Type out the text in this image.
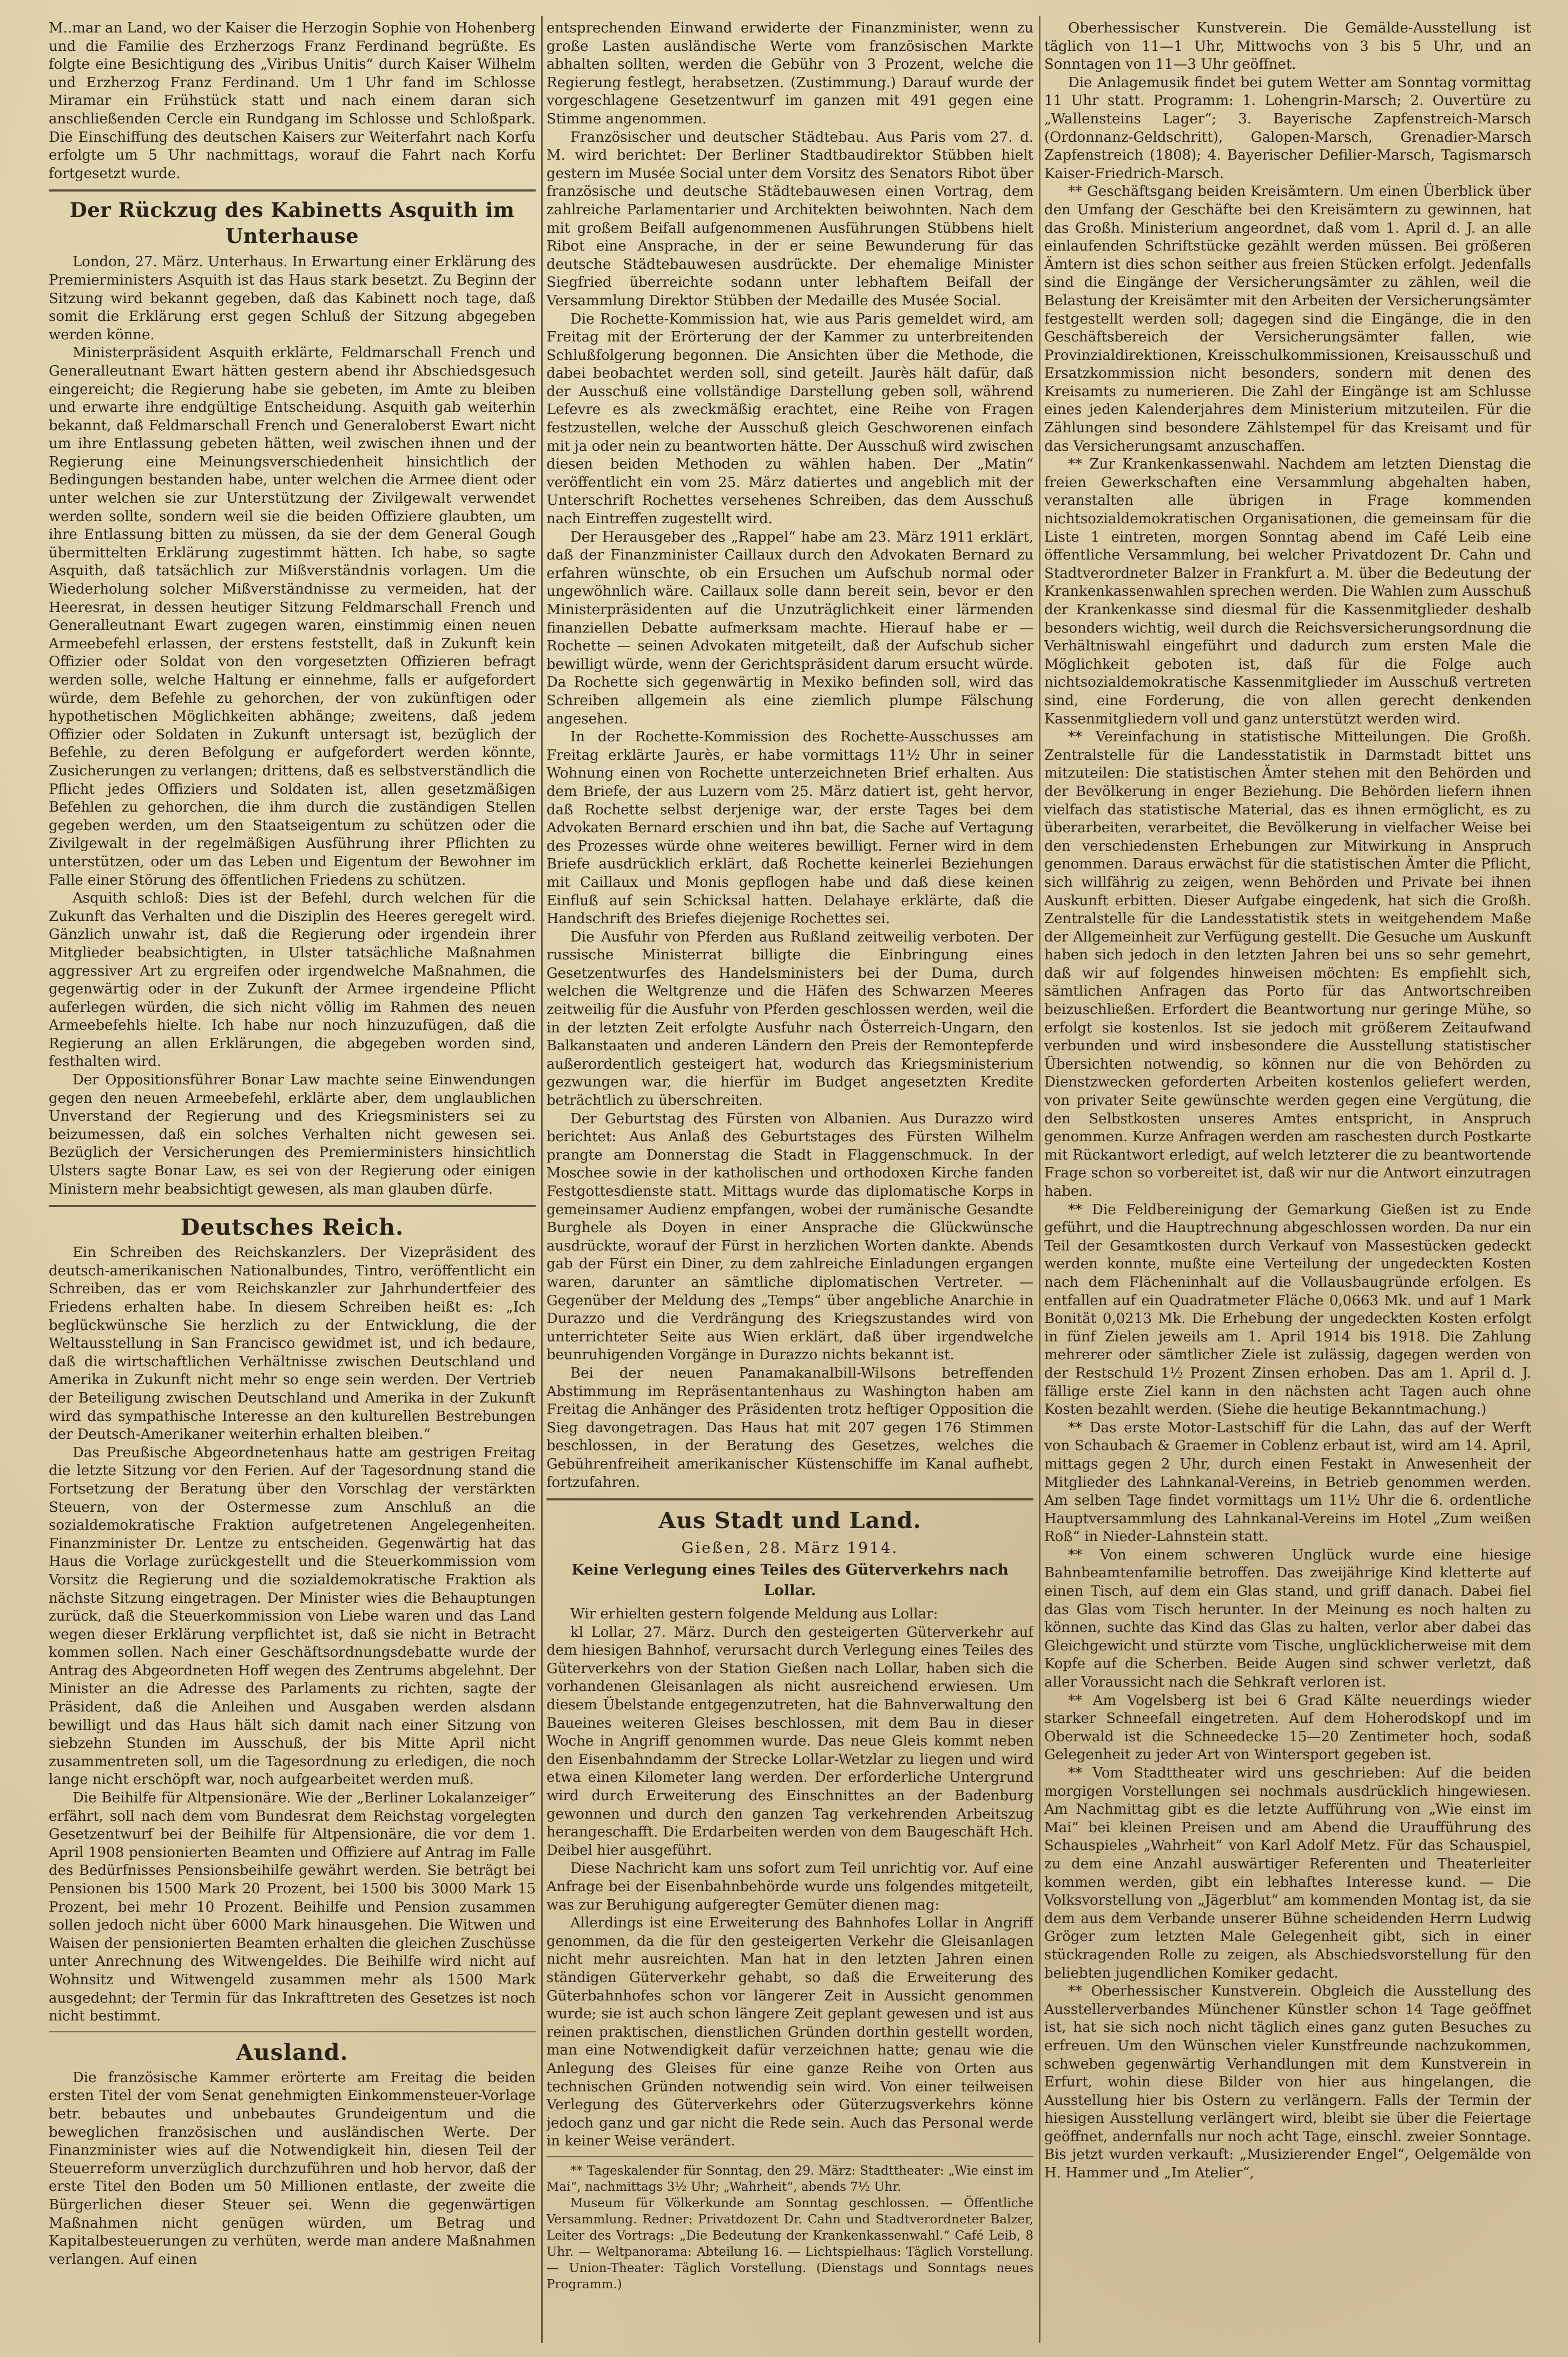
M..mar an Land, wo der Kaiser die Herzogin Sophie von Hohenberg und die Familie des Erzherzogs Franz Ferdinand begrüßte. Es folgte eine Besichtigung des „Viribus Unitis“ durch Kaiser Wilhelm und Erzherzog Franz Ferdinand. Um 1 Uhr fand im Schlosse Miramar ein Frühstück statt und nach einem daran sich anschließenden Cercle ein Rundgang im Schlosse und Schloßpark. Die Einschiffung des deutschen Kaisers zur Weiterfahrt nach Korfu erfolgte um 5 Uhr nachmittags, worauf die Fahrt nach Korfu fortgesetzt wurde.

Der Rückzug des Kabinetts Asquith im Unterhause

London, 27. März. Unterhaus. In Erwartung einer Erklärung des Premierministers Asquith ist das Haus stark besetzt. Zu Beginn der Sitzung wird bekannt gegeben, daß das Kabinett noch tage, daß somit die Erklärung erst gegen Schluß der Sitzung abgegeben werden könne.

Ministerpräsident Asquith erklärte, Feldmarschall French und Generalleutnant Ewart hätten gestern abend ihr Abschiedsgesuch eingereicht; die Regierung habe sie gebeten, im Amte zu bleiben und erwarte ihre endgültige Entscheidung. Asquith gab weiterhin bekannt, daß Feldmarschall French und Generaloberst Ewart nicht um ihre Entlassung gebeten hätten, weil zwischen ihnen und der Regierung eine Meinungsverschiedenheit hinsichtlich der Bedingungen bestanden habe, unter welchen die Armee dient oder unter welchen sie zur Unterstützung der Zivilgewalt verwendet werden sollte, sondern weil sie die beiden Offiziere glaubten, um ihre Entlassung bitten zu müssen, da sie der dem General Gough übermittelten Erklärung zugestimmt hätten. Ich habe, so sagte Asquith, daß tatsächlich zur Mißverständnis vorlagen. Um die Wiederholung solcher Mißverständnisse zu vermeiden, hat der Heeresrat, in dessen heutiger Sitzung Feldmarschall French und Generalleutnant Ewart zugegen waren, einstimmig einen neuen Armeebefehl erlassen, der erstens feststellt, daß in Zukunft kein Offizier oder Soldat von den vorgesetzten Offizieren befragt werden solle, welche Haltung er einnehme, falls er aufgefordert würde, dem Befehle zu gehorchen, der von zukünftigen oder hypothetischen Möglichkeiten abhänge; zweitens, daß jedem Offizier oder Soldaten in Zukunft untersagt ist, bezüglich der Befehle, zu deren Befolgung er aufgefordert werden könnte, Zusicherungen zu verlangen; drittens, daß es selbstverständlich die Pflicht jedes Offiziers und Soldaten ist, allen gesetzmäßigen Befehlen zu gehorchen, die ihm durch die zuständigen Stellen gegeben werden, um den Staatseigentum zu schützen oder die Zivilgewalt in der regelmäßigen Ausführung ihrer Pflichten zu unterstützen, oder um das Leben und Eigentum der Bewohner im Falle einer Störung des öffentlichen Friedens zu schützen.

Asquith schloß: Dies ist der Befehl, durch welchen für die Zukunft das Verhalten und die Disziplin des Heeres geregelt wird. Gänzlich unwahr ist, daß die Regierung oder irgendein ihrer Mitglieder beabsichtigten, in Ulster tatsächliche Maßnahmen aggressiver Art zu ergreifen oder irgendwelche Maßnahmen, die gegenwärtig oder in der Zukunft der Armee irgendeine Pflicht auferlegen würden, die sich nicht völlig im Rahmen des neuen Armeebefehls hielte. Ich habe nur noch hinzuzufügen, daß die Regierung an allen Erklärungen, die abgegeben worden sind, festhalten wird.

Der Oppositionsführer Bonar Law machte seine Einwendungen gegen den neuen Armeebefehl, erklärte aber, dem unglaublichen Unverstand der Regierung und des Kriegsministers sei zu beizumessen, daß ein solches Verhalten nicht gewesen sei. Bezüglich der Versicherungen des Premierministers hinsichtlich Ulsters sagte Bonar Law, es sei von der Regierung oder einigen Ministern mehr beabsichtigt gewesen, als man glauben dürfe.

Deutsches Reich.

Ein Schreiben des Reichskanzlers. Der Vizepräsident des deutsch-amerikanischen Nationalbundes, Tintro, veröffentlicht ein Schreiben, das er vom Reichskanzler zur Jahrhundertfeier des Friedens erhalten habe. In diesem Schreiben heißt es: „Ich beglückwünsche Sie herzlich zu der Entwicklung, die der Weltausstellung in San Francisco gewidmet ist, und ich bedaure, daß die wirtschaftlichen Verhältnisse zwischen Deutschland und Amerika in Zukunft nicht mehr so enge sein werden. Der Vertrieb der Beteiligung zwischen Deutschland und Amerika in der Zukunft wird das sympathische Interesse an den kulturellen Bestrebungen der Deutsch-Amerikaner weiterhin erhalten bleiben.“

Das Preußische Abgeordnetenhaus hatte am gestrigen Freitag die letzte Sitzung vor den Ferien. Auf der Tagesordnung stand die Fortsetzung der Beratung über den Vorschlag der verstärkten Steuern, von der Ostermesse zum Anschluß an die sozialdemokratische Fraktion aufgetretenen Angelegenheiten. Finanzminister Dr. Lentze zu entscheiden. Gegenwärtig hat das Haus die Vorlage zurückgestellt und die Steuerkommission vom Vorsitz die Regierung und die sozialdemokratische Fraktion als nächste Sitzung eingetragen. Der Minister wies die Behauptungen zurück, daß die Steuerkommission von Liebe waren und das Land wegen dieser Erklärung verpflichtet ist, daß sie nicht in Betracht kommen sollen. Nach einer Geschäftsordnungsdebatte wurde der Antrag des Abgeordneten Hoff wegen des Zentrums abgelehnt. Der Minister an die Adresse des Parlaments zu richten, sagte der Präsident, daß die Anleihen und Ausgaben werden alsdann bewilligt und das Haus hält sich damit nach einer Sitzung von siebzehn Stunden im Ausschuß, der bis Mitte April nicht zusammentreten soll, um die Tagesordnung zu erledigen, die noch lange nicht erschöpft war, noch aufgearbeitet werden muß.

Die Beihilfe für Altpensionäre. Wie der „Berliner Lokalanzeiger“ erfährt, soll nach dem vom Bundesrat dem Reichstag vorgelegten Gesetzentwurf bei der Beihilfe für Altpensionäre, die vor dem 1. April 1908 pensionierten Beamten und Offiziere auf Antrag im Falle des Bedürfnisses Pensionsbeihilfe gewährt werden. Sie beträgt bei Pensionen bis 1500 Mark 20 Prozent, bei 1500 bis 3000 Mark 15 Prozent, bei mehr 10 Prozent. Beihilfe und Pension zusammen sollen jedoch nicht über 6000 Mark hinausgehen. Die Witwen und Waisen der pensionierten Beamten erhalten die gleichen Zuschüsse unter Anrechnung des Witwengeldes. Die Beihilfe wird nicht auf Wohnsitz und Witwengeld zusammen mehr als 1500 Mark ausgedehnt; der Termin für das Inkrafttreten des Gesetzes ist noch nicht bestimmt.

Ausland.

Die französische Kammer erörterte am Freitag die beiden ersten Titel der vom Senat genehmigten Einkommensteuer-Vorlage betr. bebautes und unbebautes Grundeigentum und die beweglichen französischen und ausländischen Werte. Der Finanzminister wies auf die Notwendigkeit hin, diesen Teil der Steuerreform unverzüglich durchzuführen und hob hervor, daß der erste Titel den Boden um 50 Millionen entlaste, der zweite die Bürgerlichen dieser Steuer sei. Wenn die gegenwärtigen Maßnahmen nicht genügen würden, um Betrag und Kapitalbesteuerungen zu verhüten, werde man andere Maßnahmen verlangen. Auf einen

entsprechenden Einwand erwiderte der Finanzminister, wenn zu große Lasten ausländische Werte vom französischen Markte abhalten sollten, werden die Gebühr von 3 Prozent, welche die Regierung festlegt, herabsetzen. (Zustimmung.) Darauf wurde der vorgeschlagene Gesetzentwurf im ganzen mit 491 gegen eine Stimme angenommen.

Französischer und deutscher Städtebau. Aus Paris vom 27. d. M. wird berichtet: Der Berliner Stadtbaudirektor Stübben hielt gestern im Musée Social unter dem Vorsitz des Senators Ribot über französische und deutsche Städtebauwesen einen Vortrag, dem zahlreiche Parlamentarier und Architekten beiwohnten. Nach dem mit großem Beifall aufgenommenen Ausführungen Stübbens hielt Ribot eine Ansprache, in der er seine Bewunderung für das deutsche Städtebauwesen ausdrückte. Der ehemalige Minister Siegfried überreichte sodann unter lebhaftem Beifall der Versammlung Direktor Stübben der Medaille des Musée Social.

Die Rochette-Kommission hat, wie aus Paris gemeldet wird, am Freitag mit der Erörterung der der Kammer zu unterbreitenden Schlußfolgerung begonnen. Die Ansichten über die Methode, die dabei beobachtet werden soll, sind geteilt. Jaurès hält dafür, daß der Ausschuß eine vollständige Darstellung geben soll, während Lefevre es als zweckmäßig erachtet, eine Reihe von Fragen festzustellen, welche der Ausschuß gleich Geschworenen einfach mit ja oder nein zu beantworten hätte. Der Ausschuß wird zwischen diesen beiden Methoden zu wählen haben. Der „Matin“ veröffentlicht ein vom 25. März datiertes und angeblich mit der Unterschrift Rochettes versehenes Schreiben, das dem Ausschuß nach Eintreffen zugestellt wird.

Der Herausgeber des „Rappel“ habe am 23. März 1911 erklärt, daß der Finanzminister Caillaux durch den Advokaten Bernard zu erfahren wünschte, ob ein Ersuchen um Aufschub normal oder ungewöhnlich wäre. Caillaux solle dann bereit sein, bevor er den Ministerpräsidenten auf die Unzuträglichkeit einer lärmenden finanziellen Debatte aufmerksam machte. Hierauf habe er — Rochette — seinen Advokaten mitgeteilt, daß der Aufschub sicher bewilligt würde, wenn der Gerichtspräsident darum ersucht würde. Da Rochette sich gegenwärtig in Mexiko befinden soll, wird das Schreiben allgemein als eine ziemlich plumpe Fälschung angesehen.

In der Rochette-Kommission des Rochette-Ausschusses am Freitag erklärte Jaurès, er habe vormittags 11½ Uhr in seiner Wohnung einen von Rochette unterzeichneten Brief erhalten. Aus dem Briefe, der aus Luzern vom 25. März datiert ist, geht hervor, daß Rochette selbst derjenige war, der erste Tages bei dem Advokaten Bernard erschien und ihn bat, die Sache auf Vertagung des Prozesses würde ohne weiteres bewilligt. Ferner wird in dem Briefe ausdrücklich erklärt, daß Rochette keinerlei Beziehungen mit Caillaux und Monis gepflogen habe und daß diese keinen Einfluß auf sein Schicksal hatten. Delahaye erklärte, daß die Handschrift des Briefes diejenige Rochettes sei.

Die Ausfuhr von Pferden aus Rußland zeitweilig verboten. Der russische Ministerrat billigte die Einbringung eines Gesetzentwurfes des Handelsministers bei der Duma, durch welchen die Weltgrenze und die Häfen des Schwarzen Meeres zeitweilig für die Ausfuhr von Pferden geschlossen werden, weil die in der letzten Zeit erfolgte Ausfuhr nach Österreich-Ungarn, den Balkanstaaten und anderen Ländern den Preis der Remontepferde außerordentlich gesteigert hat, wodurch das Kriegsministerium gezwungen war, die hierfür im Budget angesetzten Kredite beträchtlich zu überschreiten.

Der Geburtstag des Fürsten von Albanien. Aus Durazzo wird berichtet: Aus Anlaß des Geburtstages des Fürsten Wilhelm prangte am Donnerstag die Stadt in Flaggenschmuck. In der Moschee sowie in der katholischen und orthodoxen Kirche fanden Festgottesdienste statt. Mittags wurde das diplomatische Korps in gemeinsamer Audienz empfangen, wobei der rumänische Gesandte Burghele als Doyen in einer Ansprache die Glückwünsche ausdrückte, worauf der Fürst in herzlichen Worten dankte. Abends gab der Fürst ein Diner, zu dem zahlreiche Einladungen ergangen waren, darunter an sämtliche diplomatischen Vertreter. — Gegenüber der Meldung des „Temps“ über angebliche Anarchie in Durazzo und die Verdrängung des Kriegszustandes wird von unterrichteter Seite aus Wien erklärt, daß über irgendwelche beunruhigenden Vorgänge in Durazzo nichts bekannt ist.

Bei der neuen Panamakanalbill-Wilsons betreffenden Abstimmung im Repräsentantenhaus zu Washington haben am Freitag die Anhänger des Präsidenten trotz heftiger Opposition die Sieg davongetragen. Das Haus hat mit 207 gegen 176 Stimmen beschlossen, in der Beratung des Gesetzes, welches die Gebührenfreiheit amerikanischer Küstenschiffe im Kanal aufhebt, fortzufahren.

Aus Stadt und Land.
Gießen, 28. März 1914.
Keine Verlegung eines Teiles des Güterverkehrs nach Lollar.

Wir erhielten gestern folgende Meldung aus Lollar:

kl Lollar, 27. März. Durch den gesteigerten Güterverkehr auf dem hiesigen Bahnhof, verursacht durch Verlegung eines Teiles des Güterverkehrs von der Station Gießen nach Lollar, haben sich die vorhandenen Gleisanlagen als nicht ausreichend erwiesen. Um diesem Übelstande entgegenzutreten, hat die Bahnverwaltung den Baueines weiteren Gleises beschlossen, mit dem Bau in dieser Woche in Angriff genommen wurde. Das neue Gleis kommt neben den Eisenbahndamm der Strecke Lollar-Wetzlar zu liegen und wird etwa einen Kilometer lang werden. Der erforderliche Untergrund wird durch Erweiterung des Einschnittes an der Badenburg gewonnen und durch den ganzen Tag verkehrenden Arbeitszug herangeschafft. Die Erdarbeiten werden von dem Baugeschäft Hch. Deibel hier ausgeführt.

Diese Nachricht kam uns sofort zum Teil unrichtig vor. Auf eine Anfrage bei der Eisenbahnbehörde wurde uns folgendes mitgeteilt, was zur Beruhigung aufgeregter Gemüter dienen mag:

Allerdings ist eine Erweiterung des Bahnhofes Lollar in Angriff genommen, da die für den gesteigerten Verkehr die Gleisanlagen nicht mehr ausreichten. Man hat in den letzten Jahren einen ständigen Güterverkehr gehabt, so daß die Erweiterung des Güterbahnhofes schon vor längerer Zeit in Aussicht genommen wurde; sie ist auch schon längere Zeit geplant gewesen und ist aus reinen praktischen, dienstlichen Gründen dorthin gestellt worden, man eine Notwendigkeit dafür verzeichnen hatte; genau wie die Anlegung des Gleises für eine ganze Reihe von Orten aus technischen Gründen notwendig sein wird. Von einer teilweisen Verlegung des Güterverkehrs oder Güterzugsverkehrs könne jedoch ganz und gar nicht die Rede sein. Auch das Personal werde in keiner Weise verändert.

** Tageskalender für Sonntag, den 29. März: Stadttheater: „Wie einst im Mai“, nachmittags 3½ Uhr; „Wahrheit“, abends 7½ Uhr.

Museum für Völkerkunde am Sonntag geschlossen. — Öffentliche Versammlung. Redner: Privatdozent Dr. Cahn und Stadtverordneter Balzer, Leiter des Vortrags: „Die Bedeutung der Krankenkassenwahl.“ Café Leib, 8 Uhr. — Weltpanorama: Abteilung 16. — Lichtspielhaus: Täglich Vorstellung. — Union-Theater: Täglich Vorstellung. (Dienstags und Sonntags neues Programm.)

Oberhessischer Kunstverein. Die Gemälde-Ausstellung ist täglich von 11—1 Uhr, Mittwochs von 3 bis 5 Uhr, und an Sonntagen von 11—3 Uhr geöffnet.

Die Anlagemusik findet bei gutem Wetter am Sonntag vormittag 11 Uhr statt. Programm: 1. Lohengrin-Marsch; 2. Ouvertüre zu „Wallensteins Lager“; 3. Bayerische Zapfenstreich-Marsch (Ordonnanz-Geldschritt), Galopen-Marsch, Grenadier-Marsch Zapfenstreich (1808); 4. Bayerischer Defilier-Marsch, Tagismarsch Kaiser-Friedrich-Marsch.

** Geschäftsgang beiden Kreisämtern. Um einen Überblick über den Umfang der Geschäfte bei den Kreisämtern zu gewinnen, hat das Großh. Ministerium angeordnet, daß vom 1. April d. J. an alle einlaufenden Schriftstücke gezählt werden müssen. Bei größeren Ämtern ist dies schon seither aus freien Stücken erfolgt. Jedenfalls sind die Eingänge der Versicherungsämter zu zählen, weil die Belastung der Kreisämter mit den Arbeiten der Versicherungsämter festgestellt werden soll; dagegen sind die Eingänge, die in den Geschäftsbereich der Versicherungsämter fallen, wie Provinzialdirektionen, Kreisschulkommissionen, Kreisausschuß und Ersatzkommission nicht besonders, sondern mit denen des Kreisamts zu numerieren. Die Zahl der Eingänge ist am Schlusse eines jeden Kalenderjahres dem Ministerium mitzuteilen. Für die Zählungen sind besondere Zählstempel für das Kreisamt und für das Versicherungsamt anzuschaffen.

** Zur Krankenkassenwahl. Nachdem am letzten Dienstag die freien Gewerkschaften eine Versammlung abgehalten haben, veranstalten alle übrigen in Frage kommenden nichtsozialdemokratischen Organisationen, die gemeinsam für die Liste 1 eintreten, morgen Sonntag abend im Café Leib eine öffentliche Versammlung, bei welcher Privatdozent Dr. Cahn und Stadtverordneter Balzer in Frankfurt a. M. über die Bedeutung der Krankenkassenwahlen sprechen werden. Die Wahlen zum Ausschuß der Krankenkasse sind diesmal für die Kassenmitglieder deshalb besonders wichtig, weil durch die Reichsversicherungsordnung die Verhältniswahl eingeführt und dadurch zum ersten Male die Möglichkeit geboten ist, daß für die Folge auch nichtsozialdemokratische Kassenmitglieder im Ausschuß vertreten sind, eine Forderung, die von allen gerecht denkenden Kassenmitgliedern voll und ganz unterstützt werden wird.

** Vereinfachung in statistische Mitteilungen. Die Großh. Zentralstelle für die Landesstatistik in Darmstadt bittet uns mitzuteilen: Die statistischen Ämter stehen mit den Behörden und der Bevölkerung in enger Beziehung. Die Behörden liefern ihnen vielfach das statistische Material, das es ihnen ermöglicht, es zu überarbeiten, verarbeitet, die Bevölkerung in vielfacher Weise bei den verschiedensten Erhebungen zur Mitwirkung in Anspruch genommen. Daraus erwächst für die statistischen Ämter die Pflicht, sich willfährig zu zeigen, wenn Behörden und Private bei ihnen Auskunft erbitten. Dieser Aufgabe eingedenk, hat sich die Großh. Zentralstelle für die Landesstatistik stets in weitgehendem Maße der Allgemeinheit zur Verfügung gestellt. Die Gesuche um Auskunft haben sich jedoch in den letzten Jahren bei uns so sehr gemehrt, daß wir auf folgendes hinweisen möchten: Es empfiehlt sich, sämtlichen Anfragen das Porto für das Antwortschreiben beizuschließen. Erfordert die Beantwortung nur geringe Mühe, so erfolgt sie kostenlos. Ist sie jedoch mit größerem Zeitaufwand verbunden und wird insbesondere die Ausstellung statistischer Übersichten notwendig, so können nur die von Behörden zu Dienstzwecken geforderten Arbeiten kostenlos geliefert werden, von privater Seite gewünschte werden gegen eine Vergütung, die den Selbstkosten unseres Amtes entspricht, in Anspruch genommen. Kurze Anfragen werden am raschesten durch Postkarte mit Rückantwort erledigt, auf welch letzterer die zu beantwortende Frage schon so vorbereitet ist, daß wir nur die Antwort einzutragen haben.

** Die Feldbereinigung der Gemarkung Gießen ist zu Ende geführt, und die Hauptrechnung abgeschlossen worden. Da nur ein Teil der Gesamtkosten durch Verkauf von Massestücken gedeckt werden konnte, mußte eine Verteilung der ungedeckten Kosten nach dem Flächeninhalt auf die Vollausbaugründe erfolgen. Es entfallen auf ein Quadratmeter Fläche 0,0663 Mk. und auf 1 Mark Bonität 0,0213 Mk. Die Erhebung der ungedeckten Kosten erfolgt in fünf Zielen jeweils am 1. April 1914 bis 1918. Die Zahlung mehrerer oder sämtlicher Ziele ist zulässig, dagegen werden von der Restschuld 1½ Prozent Zinsen erhoben. Das am 1. April d. J. fällige erste Ziel kann in den nächsten acht Tagen auch ohne Kosten bezahlt werden. (Siehe die heutige Bekanntmachung.)

** Das erste Motor-Lastschiff für die Lahn, das auf der Werft von Schaubach & Graemer in Coblenz erbaut ist, wird am 14. April, mittags gegen 2 Uhr, durch einen Festakt in Anwesenheit der Mitglieder des Lahnkanal-Vereins, in Betrieb genommen werden. Am selben Tage findet vormittags um 11½ Uhr die 6. ordentliche Hauptversammlung des Lahnkanal-Vereins im Hotel „Zum weißen Roß“ in Nieder-Lahnstein statt.

** Von einem schweren Unglück wurde eine hiesige Bahnbeamtenfamilie betroffen. Das zweijährige Kind kletterte auf einen Tisch, auf dem ein Glas stand, und griff danach. Dabei fiel das Glas vom Tisch herunter. In der Meinung es noch halten zu können, suchte das Kind das Glas zu halten, verlor aber dabei das Gleichgewicht und stürzte vom Tische, unglücklicherweise mit dem Kopfe auf die Scherben. Beide Augen sind schwer verletzt, daß aller Voraussicht nach die Sehkraft verloren ist.

** Am Vogelsberg ist bei 6 Grad Kälte neuerdings wieder starker Schneefall eingetreten. Auf dem Hoherodskopf und im Oberwald ist die Schneedecke 15—20 Zentimeter hoch, sodaß Gelegenheit zu jeder Art von Wintersport gegeben ist.

** Vom Stadttheater wird uns geschrieben: Auf die beiden morgigen Vorstellungen sei nochmals ausdrücklich hingewiesen. Am Nachmittag gibt es die letzte Aufführung von „Wie einst im Mai“ bei kleinen Preisen und am Abend die Uraufführung des Schauspieles „Wahrheit“ von Karl Adolf Metz. Für das Schauspiel, zu dem eine Anzahl auswärtiger Referenten und Theaterleiter kommen werden, gibt ein lebhaftes Interesse kund. — Die Volksvorstellung von „Jägerblut“ am kommenden Montag ist, da sie dem aus dem Verbande unserer Bühne scheidenden Herrn Ludwig Gröger zum letzten Male Gelegenheit gibt, sich in einer stückragenden Rolle zu zeigen, als Abschiedsvorstellung für den beliebten jugendlichen Komiker gedacht.

** Oberhessischer Kunstverein. Obgleich die Ausstellung des Ausstellerverbandes Münchener Künstler schon 14 Tage geöffnet ist, hat sie sich noch nicht täglich eines ganz guten Besuches zu erfreuen. Um den Wünschen vieler Kunstfreunde nachzukommen, schweben gegenwärtig Verhandlungen mit dem Kunstverein in Erfurt, wohin diese Bilder von hier aus hingelangen, die Ausstellung hier bis Ostern zu verlängern. Falls der Termin der hiesigen Ausstellung verlängert wird, bleibt sie über die Feiertage geöffnet, andernfalls nur noch acht Tage, einschl. zweier Sonntage. Bis jetzt wurden verkauft: „Musizierender Engel“, Oelgemälde von H. Hammer und „Im Atelier“,
